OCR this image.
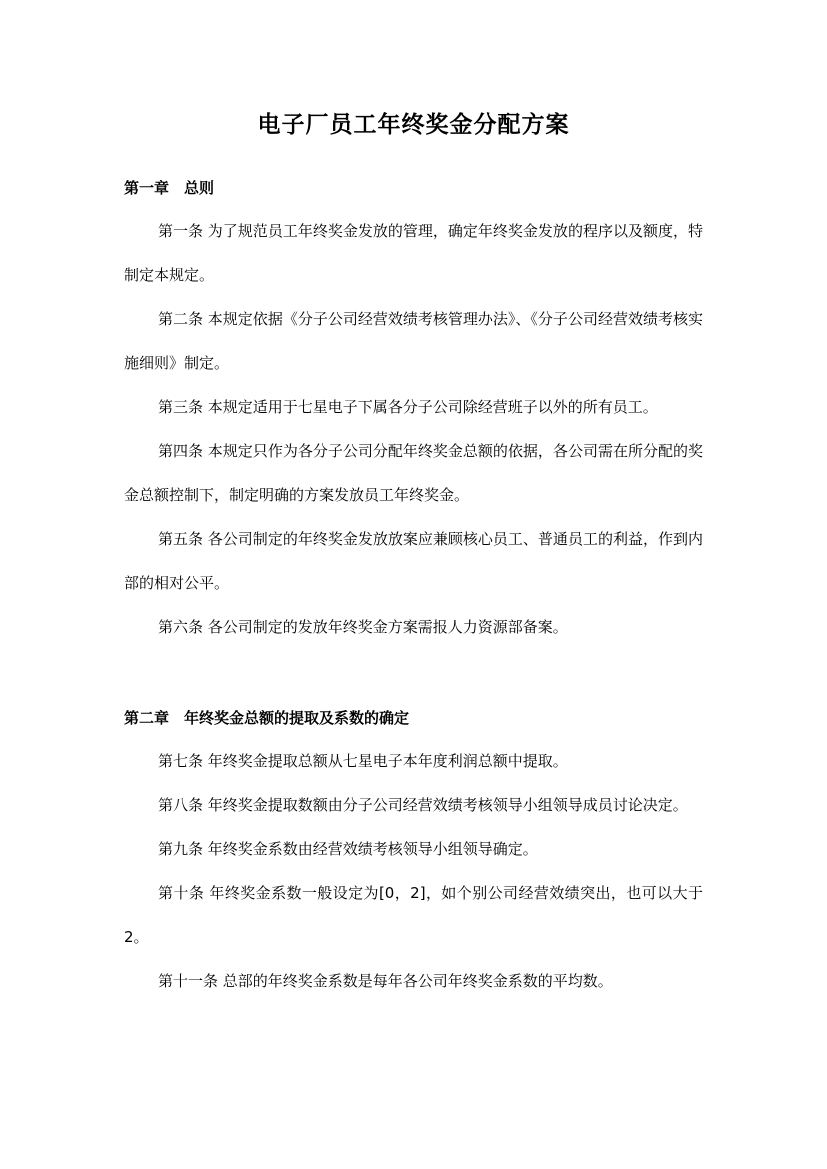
电子厂员工年终奖金分配方案
第一章　总则

第一条 为了规范员工年终奖金发放的管理，确定年终奖金发放的程序以及额度，特制定本规定。

第二条 本规定依据《分子公司经营效绩考核管理办法》、《分子公司经营效绩考核实施细则》制定。

第三条 本规定适用于七星电子下属各分子公司除经营班子以外的所有员工。

第四条 本规定只作为各分子公司分配年终奖金总额的依据，各公司需在所分配的奖金总额控制下，制定明确的方案发放员工年终奖金。

第五条 各公司制定的年终奖金发放放案应兼顾核心员工、普通员工的利益，作到内部的相对公平。

第六条 各公司制定的发放年终奖金方案需报人力资源部备案。

第二章　年终奖金总额的提取及系数的确定

第七条 年终奖金提取总额从七星电子本年度利润总额中提取。

第八条 年终奖金提取数额由分子公司经营效绩考核领导小组领导成员讨论决定。

第九条 年终奖金系数由经营效绩考核领导小组领导确定。

第十条 年终奖金系数一般设定为[0，2]，如个别公司经营效绩突出，也可以大于 2。

第十一条 总部的年终奖金系数是每年各公司年终奖金系数的平均数。
